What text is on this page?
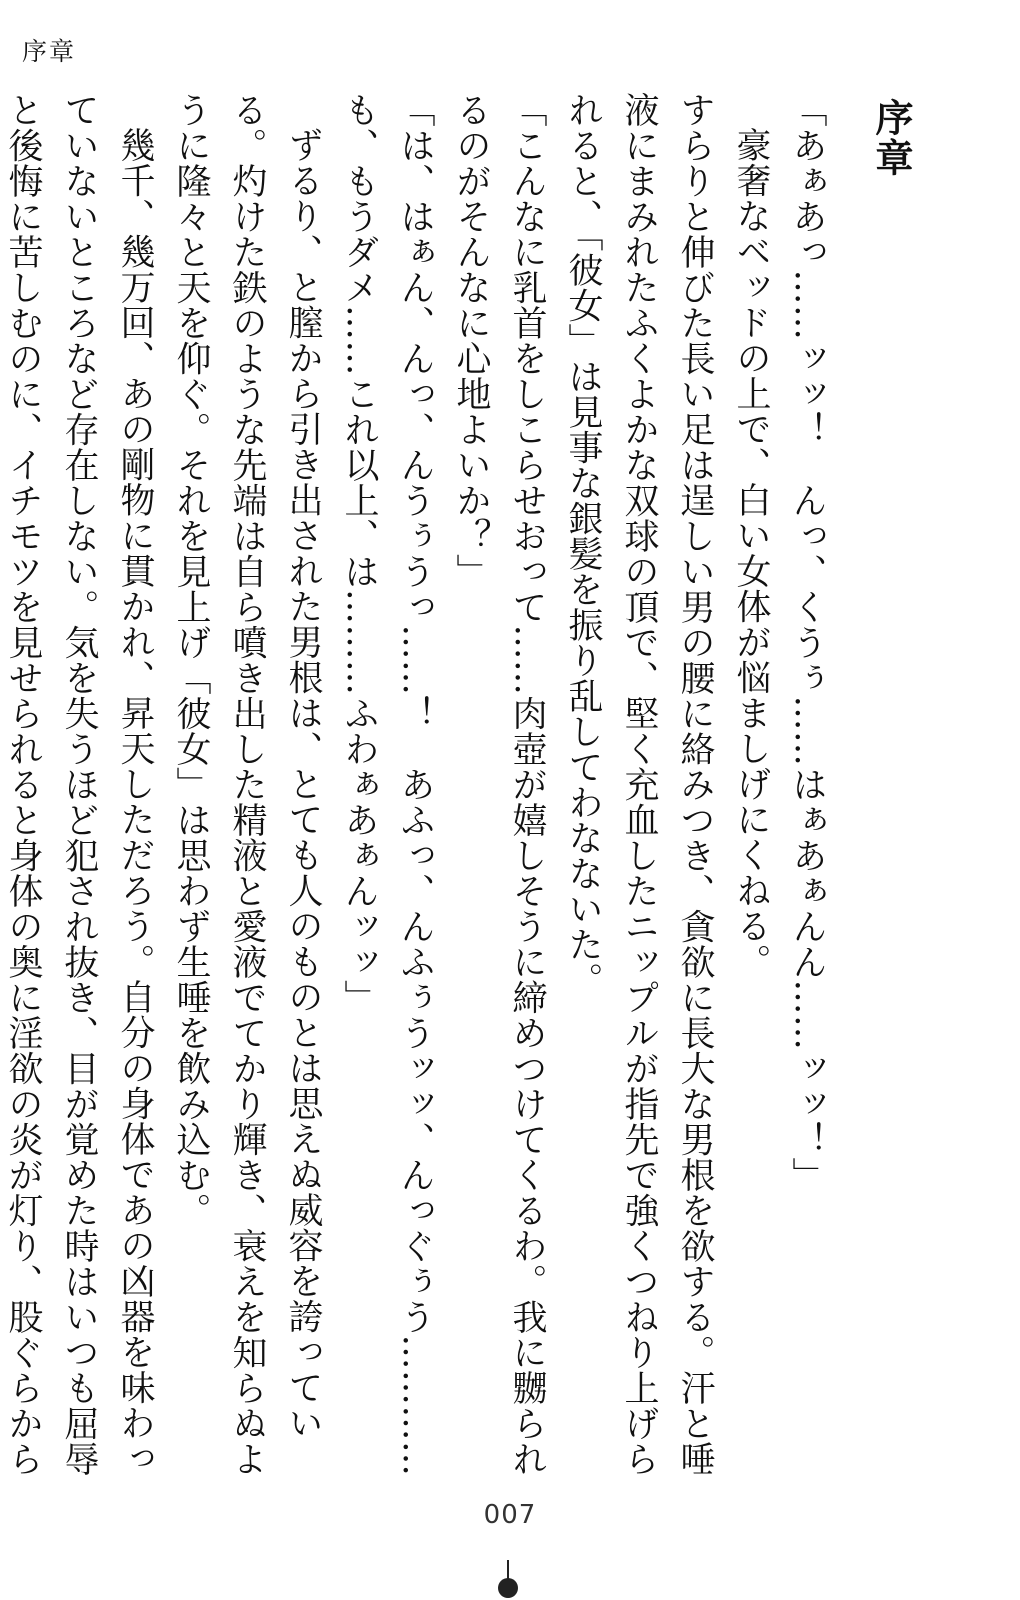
序章
序章

「あぁあっ……ッッ！　んっ、くうぅ……はぁあぁんん……ッッ！」

豪奢なベッドの上で、白い女体が悩ましげにくねる。

すらりと伸びた長い足は逞しい男の腰に絡みつき、貪欲に長大な男根を欲する。汗と唾液にまみれたふくよかな双球の頂で、堅く充血したニップルが指先で強くつねり上げられると、「彼女」は見事な銀髪を振り乱してわなないた。

「こんなに乳首をしこらせおって……肉壺が嬉しそうに締めつけてくるわ。我に嬲られるのがそんなに心地よいか？」

「は、はぁん、んっ、んうぅうっ……！　あふっ、んふぅうッッ、んっぐぅう…………も、もうダメ……これ以上、は………ふわぁあぁんッッ」

ずるり、と膣から引き出された男根は、とても人のものとは思えぬ威容を誇っている。灼けた鉄のような先端は自ら噴き出した精液と愛液でてかり輝き、衰えを知らぬように隆々と天を仰ぐ。それを見上げ「彼女」は思わず生唾を飲み込む。

幾千、幾万回、あの剛物に貫かれ、昇天しただろう。自分の身体であの凶器を味わっていないところなど存在しない。気を失うほど犯され抜き、目が覚めた時はいつも屈辱と後悔に苦しむのに、イチモツを見せられると身体の奥に淫欲の炎が灯り、股ぐらから

007
